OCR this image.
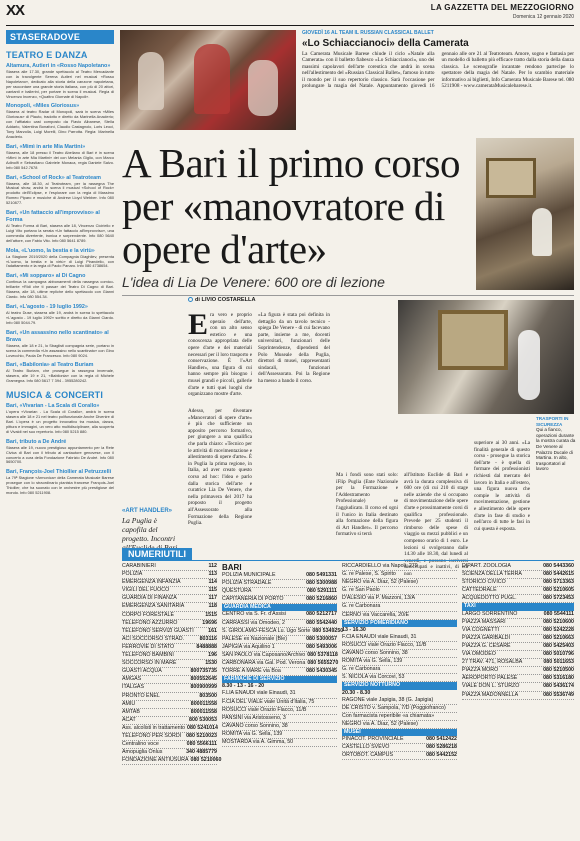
XX	LA GAZZETTA DEL MEZZOGIORNO
Domenica 12 gennaio 2020
STASERADOVE
TEATRO E DANZA
Altamura, Autieri in «Rosso Napoletano»
Stasera alle 17.30, grande spettacolo al Teatro Mercadante con la travolgente Serena Autieri nel musical «Rosso Napoletano», dedicato alla storia della canzone napoletana, per raccontare una grande storia italiana, con più di 20 attori, cantanti e ballerini, per portare in scena il musical. Regia di Vincenzo Incenzo, «Quattro Giornate di Napoli».
Monopoli, «Miles Gloriosus»
Stasera al teatro Radar di Monopoli, sarà in scena «Miles Gloriosus» di Plauto, tradotto e diretto da Marinella Anaclerio; con l'affiatato cast composto da Flavio Albanese, Stella Addario, Valentina Bonafoni, Claudio Castagnolo, Loris Leoci, Tony Marzolla, Luigi Morelli, Dino Parrotta. Regia: Marinella Anaclerio.
Bari, «Mimì in arte Mia Martini»
Stasera, alle 18 presso il Teatro Abeliano di Bari è in scena «Mimì in arte Mia Martini» dei con Melania Giglio, con Marco Adinolfi e Sebastiano Gabriele Monaca, regia Daniele Salvo. Info 080 542.7678
Bari, «School of Rock» al Teatroteam
Stasera, alle 18.30, al Teatroteam, per la rassegna The Musical show, andrà in scena il musical «School of Rock» prodotto dell'Eclipse, e l'esplorare con la regia di Massimo Romeo Piparo e musiche di Andrew Lloyd Webber. Info 080 5210877.
Bari, «Un fattaccio all'improvviso» al Forma
Al Teatro Forma di Bari, stasera alle 18, Vincenzo Ciciriello e Luigi Vito portano la serata «Un fattaccio all'improvviso», una commedia divertente, ironica e sorprendente. Info 080 5640 dell'attore, con Fabio Vito. Info 080 5641 8789.
Mola, «L'uomo, la bestia e la virtù»
La Stagione 2019/2020 della Compagnia Diaghilev, presenta «L'uomo, la bestia e la virtù» di Luigi Pirandello, con l'adattamento e la regia di Paolo Panaro. Info 080 4738654.
Bari, «Mi sopparo» al Di Cagno
Continua la campagna abbonamenti della rassegna comico-brillante «Ridi che ti passa» del Teatro Di Cagno di Bari. Stasera, alle 18, ultime repliche dello spettacolo con Gianni Ciardo. Info 080 554.34.
Bari, «L'agosto - 19 luglio 1992»
Al teatro Duse, stasera alle 19, andrà in scena lo spettacolo «L'agosto - 19 luglio 1992» scritto e diretto da Gianni Ciardo. Info 080 5044.79.
Bari, «Un assassino nello scantinato» al Brava
Stasera, alle 18 e 21, lo Sbaglisti compagnia serie, portano in scena la commedia «Un assassino nello scantinato» con Gino Lovecchio, Paola De Francesco. Info 080 9024.
Bari, «Babilonia» al Teatro Buriam
Al Teatro Buriam, che prosegue la rassegna invernale, stasera, alle 19 e 21, «Babilonia» con la regia di Michele Gramegna. Info 080 5617 7 394 - 3955280242.
MUSICA & CONCERTI
Bari, «Vivarian - La Scala di Corallo»
L'opera «Vivarian - La Scala di Corallo», andrà in scena stasera alle 18 e 21 nel teatro polifunzionale Anche Divenire di Bari. L'opera è un progetto innovativo tra musica, danza, pittura e immagini, un vero atto multidisciplinare, alla scoperta di Vivaldi nel suo repertorio. Info 080 5215 880.
Bari, tributo a De André
Stasera alle 19, nuovo prestigioso appuntamento per la Rete Civica di Bari con il tributo al cantautore genovese, con il concerto a cura della Fondazione Fabrizio De André. Info 080 5650700.
Bari, François-Joel Thiollier al Petruzzelli
La 79ª Stagione «Armonica» della Camerata Musicale Barese prosegue con lo straordinario pianista francese François-Joel Thiollier, che ha suonato con le orchestre più prestigiose del mondo. Info 080 5211908.
GIOVEDÌ 16 AL TEAM IL RUSSIAN CLASSICAL BALLET
«Lo Schiaccianoci» della Camerata
La Camerata Musicale Barese chiude il ciclo «Natale alla Camerata» con il balletto fiabesco «Lo Schiaccianoci», uno dei massimi capolavori dell'arte coreutica che andrà in scena nell'allestimento del «Russian Classical Ballet», famoso in tutto il mondo per il suo repertorio classico. Sarà l'occasione per prolungare la magia del Natale. Appuntamento giovedì 16 gennaio alle ore 21 al Teatroteam. Amore, sogno e fantasia per un modello di balletto più efficace tratto dalla storia della danza classica. Le scenografie incantate rendono partecipe lo spettatore della magia del Natale. Per lo scambio materiale informativo ai biglietti, Info Camerata Musicale Barese tel. 080 5211908 - www.camerataMusicalebarese.it.
A Bari il primo corso per «manovratore di opere d'arte»
L'idea di Lia De Venere: 600 ore di lezione
di LIVIO COSTARELLA
Era vero e proprio operaio dell'arte, con un alto senso estetico e una conoscenza appropriata delle opere d'arte e dei materiali necessari per il loro trasporto e conservazione. È l'«Art Handler», una figura di cui hanno sempre più bisogno i musei grandi e piccoli, gallerie d'arte e tutti quei luoghi che organizzano mostre d'arte.
Adesso, per diventare «Manovratori di opere d'arte» è più che sufficiente un apposito percorso formativo, per giungere a una qualifica che parla chiaro: «Tecnico per le attività di movimentazione e allestimento di opere d'arte». È in Puglia la prima regione, in Italia, ad aver creato questo corso ad hoc: l'idea e parlo dalla storica dell'arte e curatrice Lia De Venere, che nella primavera del 2017 ha proposto il progetto all'Assessorato alla Formazione della Regione Puglia.
«La figura è stata poi definita in dettaglio da un tavolo tecnico - spiega De Venere - di cui facevano parte, insieme a me, docenti universitari, funzionari delle Soprintendenze, dipendenti del Polo Museale della Puglia, direttori di musei, rappresentanti sindacali, funzionari dell'Assessorato. Poi la Regione ha messo a bando il corso.
Ma i fondi sono stati solo: iFlip Puglia (Ente Nazionale per la Formazione e l'Addestramento Professionale) se l'aggiudicato. Il corso ed ogni il l'unico in Italia destinato alla formazione della figura di Art Handler». Il percorso formativo si terrà
all'Istituto Euclide di Bari e avrà la durata complessiva di 600 ore (di cui 210 di stage nelle aziende che si occupano di movimentazione delle opere d'arte e prossimamente corsi di qualifica professionale. Prevede per 25 studenti il rimborso delle spese di viaggio su mezzi pubblici e un compenso orario di 1 euro. Le lezioni si svolgeranno dalle 14.30 alle 18.30, dal lunedì al venerdì, e possono iscriversi disoccupati e inattivi, di età non
superiore ai 30 anni. «La finalità generale di questo corso - prosegue la storica dell'arte - è quella di formare dei professionisti richiesti dal mercato del lavoro in Italia e all'estero, una figura nuova che compie le attività di movimentazione, gestione e allestimento delle opere d'arte in fase di studio e nell'arco di tutte le fasi in cui questa è esposta.
«ART HANDLER»
La Puglia è capofila del progetto. Incontri
TRASPORTI IN SICUREZZA
Qui a fianco, operazioni durante la mostra curata da De Venere al Palazzo Ducale di Martina. In alto, trasportatori al lavoro
NUMERIUTILI
CARABINIERI	112
POLIZIA	113
EMERGENZA INFANZIA	114
VIGILI DEL FUOCO	115
GUARDIA DI FINANZA	117
EMERGENZA SANITARIA	118
CORPO FORESTALE	1515
TELEFONO AZZURRO	19696
TELEFONO SERVIZI GUASTI	161
ACI SOCCORSO STRAD.	803116
FERROVIE DI STATO	8488888
TELEFONO BAMBINI	196
SOCCORSO IN MARE	1530
GUASTI ACQUA	800735735
AMGAS	800552645
ITALGAS	800900999
PRONTO ENEL	803500
AMIU	800011558
AMTAB	800011558
ACAT	800 530053
Ass. alcolisti in trattamento 080 5241014
TELEFONO PER SORDI 080 5210023
Centralino voce	080 5566111
Amopuglia Onlus	340 4885779
FONDAZIONE ANTIUSURA 080 5210060
BARI
POLIZIA MUNICIPALE	080 5491331
POLIZIA STRADALE	080 5300988
QUESTURA	080 5291111
CAPITANERIA DI PORTO	080 5216860
GUARDIA MEDICA
CENTRO via S. Fr. d'Assisi	080 5212717
CARRASSI via Omodeo, 2	080 5542440
S. GIROLAMO-FESCA Lu. Ugo Sorte 080 5349250
PALESE ex Nazionale (Ble)	080 5300057
JAPIGIA via Aquilino 1	080 5493006
SAN PAOLO via Caposano/Archivo 080 5378118
CARBONARA via Gal. Pod. Verona 080 5655270
TORRE A MARE via Boa	080 5430345
FARMACIE DI SERVIZIO
8.30 - 13 - 16 - 20
F.LIA ENAUDI viale Einaudi, 31
F.CIA DEL VIALE viale Unità d'Italia, 75
ROSUCCI viale Orazio Flacco, 11/B
PANSINI via Aristosseno, 3
CAVANO corso Sonnino, 38
ROMITA via G. Sella, 139
MOSTARDA via A. Gimma, 50
RICCARDIELLO via Napoli, 279
G. re Palese, S. Spirito
NEGRO via A. Diaz, 52 (Palese)
G. re San Paolo
D'ALESIO via P. Mazzoni, 13/A
G. re Carbonara
CERNO via Vaccarella, 20/E
SERVIZIO POMERIDIANO
13 - 16.30
F.CIA ENAUDI viale Einaudi, 31
ROSUCCI viale Orazio Flacco, 11/B
CAVANO corso Sonnino, 38
ROMITA via G. Sella, 139
G. re Carbonara
S. NICOLA via Corcovi, 53
SERVIZIO NOTTURNO
20.30 - 8.30
RAGONE viale Japigia, 38 (G. Japigia)
DE CRISTO v. Sampola, 7/D (Poggiofranco)
Con farmacista reperibile «a chiamata»
NEGRO via A. Diaz, 52 (Palese)
MUSEI
PINACOT. PROVINCIALE	080 5412422
CASTELLO SVEVO	080 5286218
ORTOBOT. CAMPUS	080 5442152
DIPART. ZOOLOGIA	080 5443360
SCIENZA DELLA TERRA	080 5442615
STORICO CIVICO	080 5713363
CATTEDRALE	080 5210605
ACQUEDOTTO PUGL.	080 5723453
TAXI
LARGO SORRENTINO	080 5544111
PIAZZA MASSARI	080 5210600
VIA COGNETTI	080 5242228
PIAZZA GARIBALDI	080 5210663
PIAZZA G. CESARE	080 5425403
VIA OMODEO	080 5010796
27 TRAV. 471, ROSALBA	080 5011653
PIAZZA MORO	080 5210500
AEROPORTO PALESE	080 5316180
VIALE DON L. STURZO	080 5436174
PIAZZA MADONNELLA	080 5536749
